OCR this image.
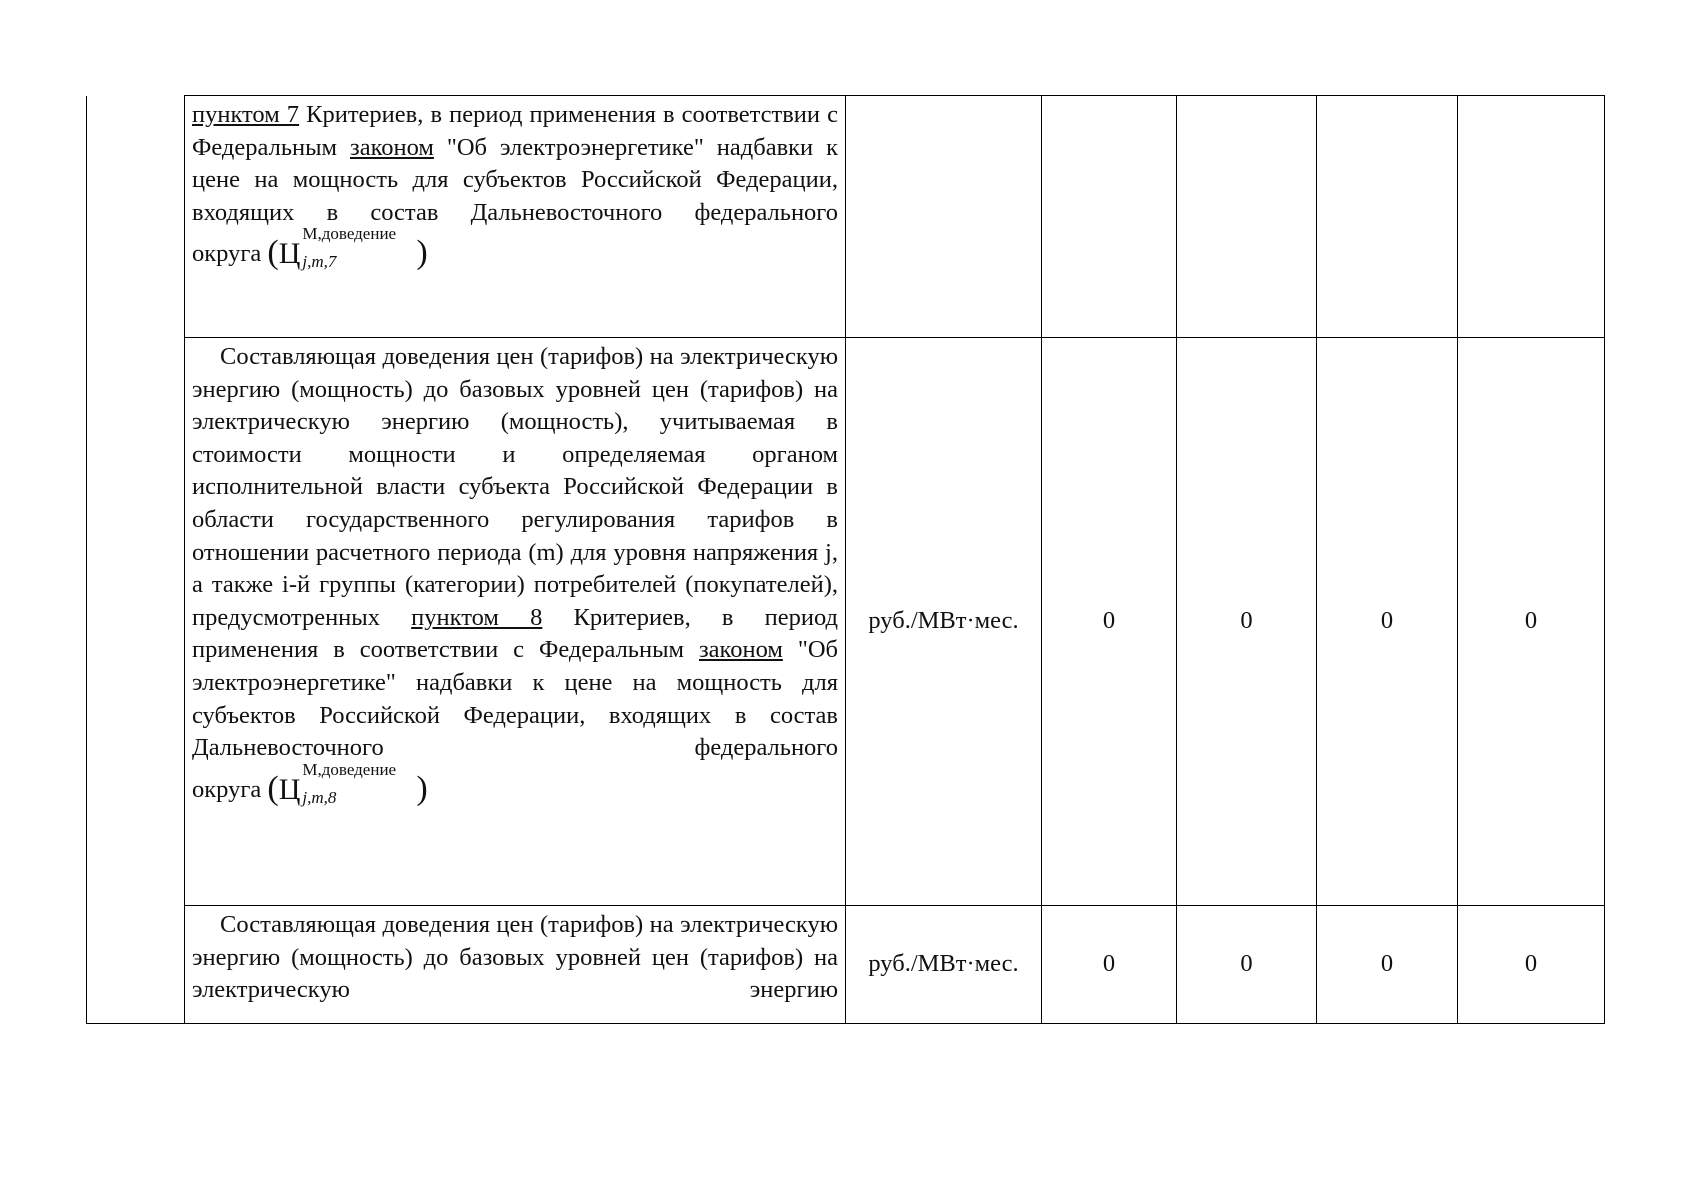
	пунктом 7 Критериев, в период применения в соответствии с Федеральным законом "Об электроэнергетике" надбавки к цене на мощность для субъектов Российской Федерации, входящих в состав Дальневосточного федерального
округа (Ц
М,доведение
j,m,7 )					

	Составляющая доведения цен (тарифов) на электрическую энергию (мощность) до базовых уровней цен (тарифов) на электрическую энергию (мощность), учитываемая в стоимости мощности и определяемая органом исполнительной власти субъекта Российской Федерации в области государственного регулирования тарифов в отношении расчетного периода (m) для уровня напряжения j, а также i-й группы (категории) потребителей (покупателей), предусмотренных пунктом 8 Критериев, в период применения в соответствии с Федеральным законом "Об электроэнергетике" надбавки к цене на мощность для субъектов Российской Федерации, входящих в состав Дальневосточного федерального
округа (Ц
М,доведение
j,m,8 )	руб./МВт·мес.	0	0	0	0
	Составляющая доведения цен (тарифов) на электрическую энергию (мощность) до базовых уровней цен (тарифов) на электрическую энергию	руб./МВт·мес.	0	0	0	0
